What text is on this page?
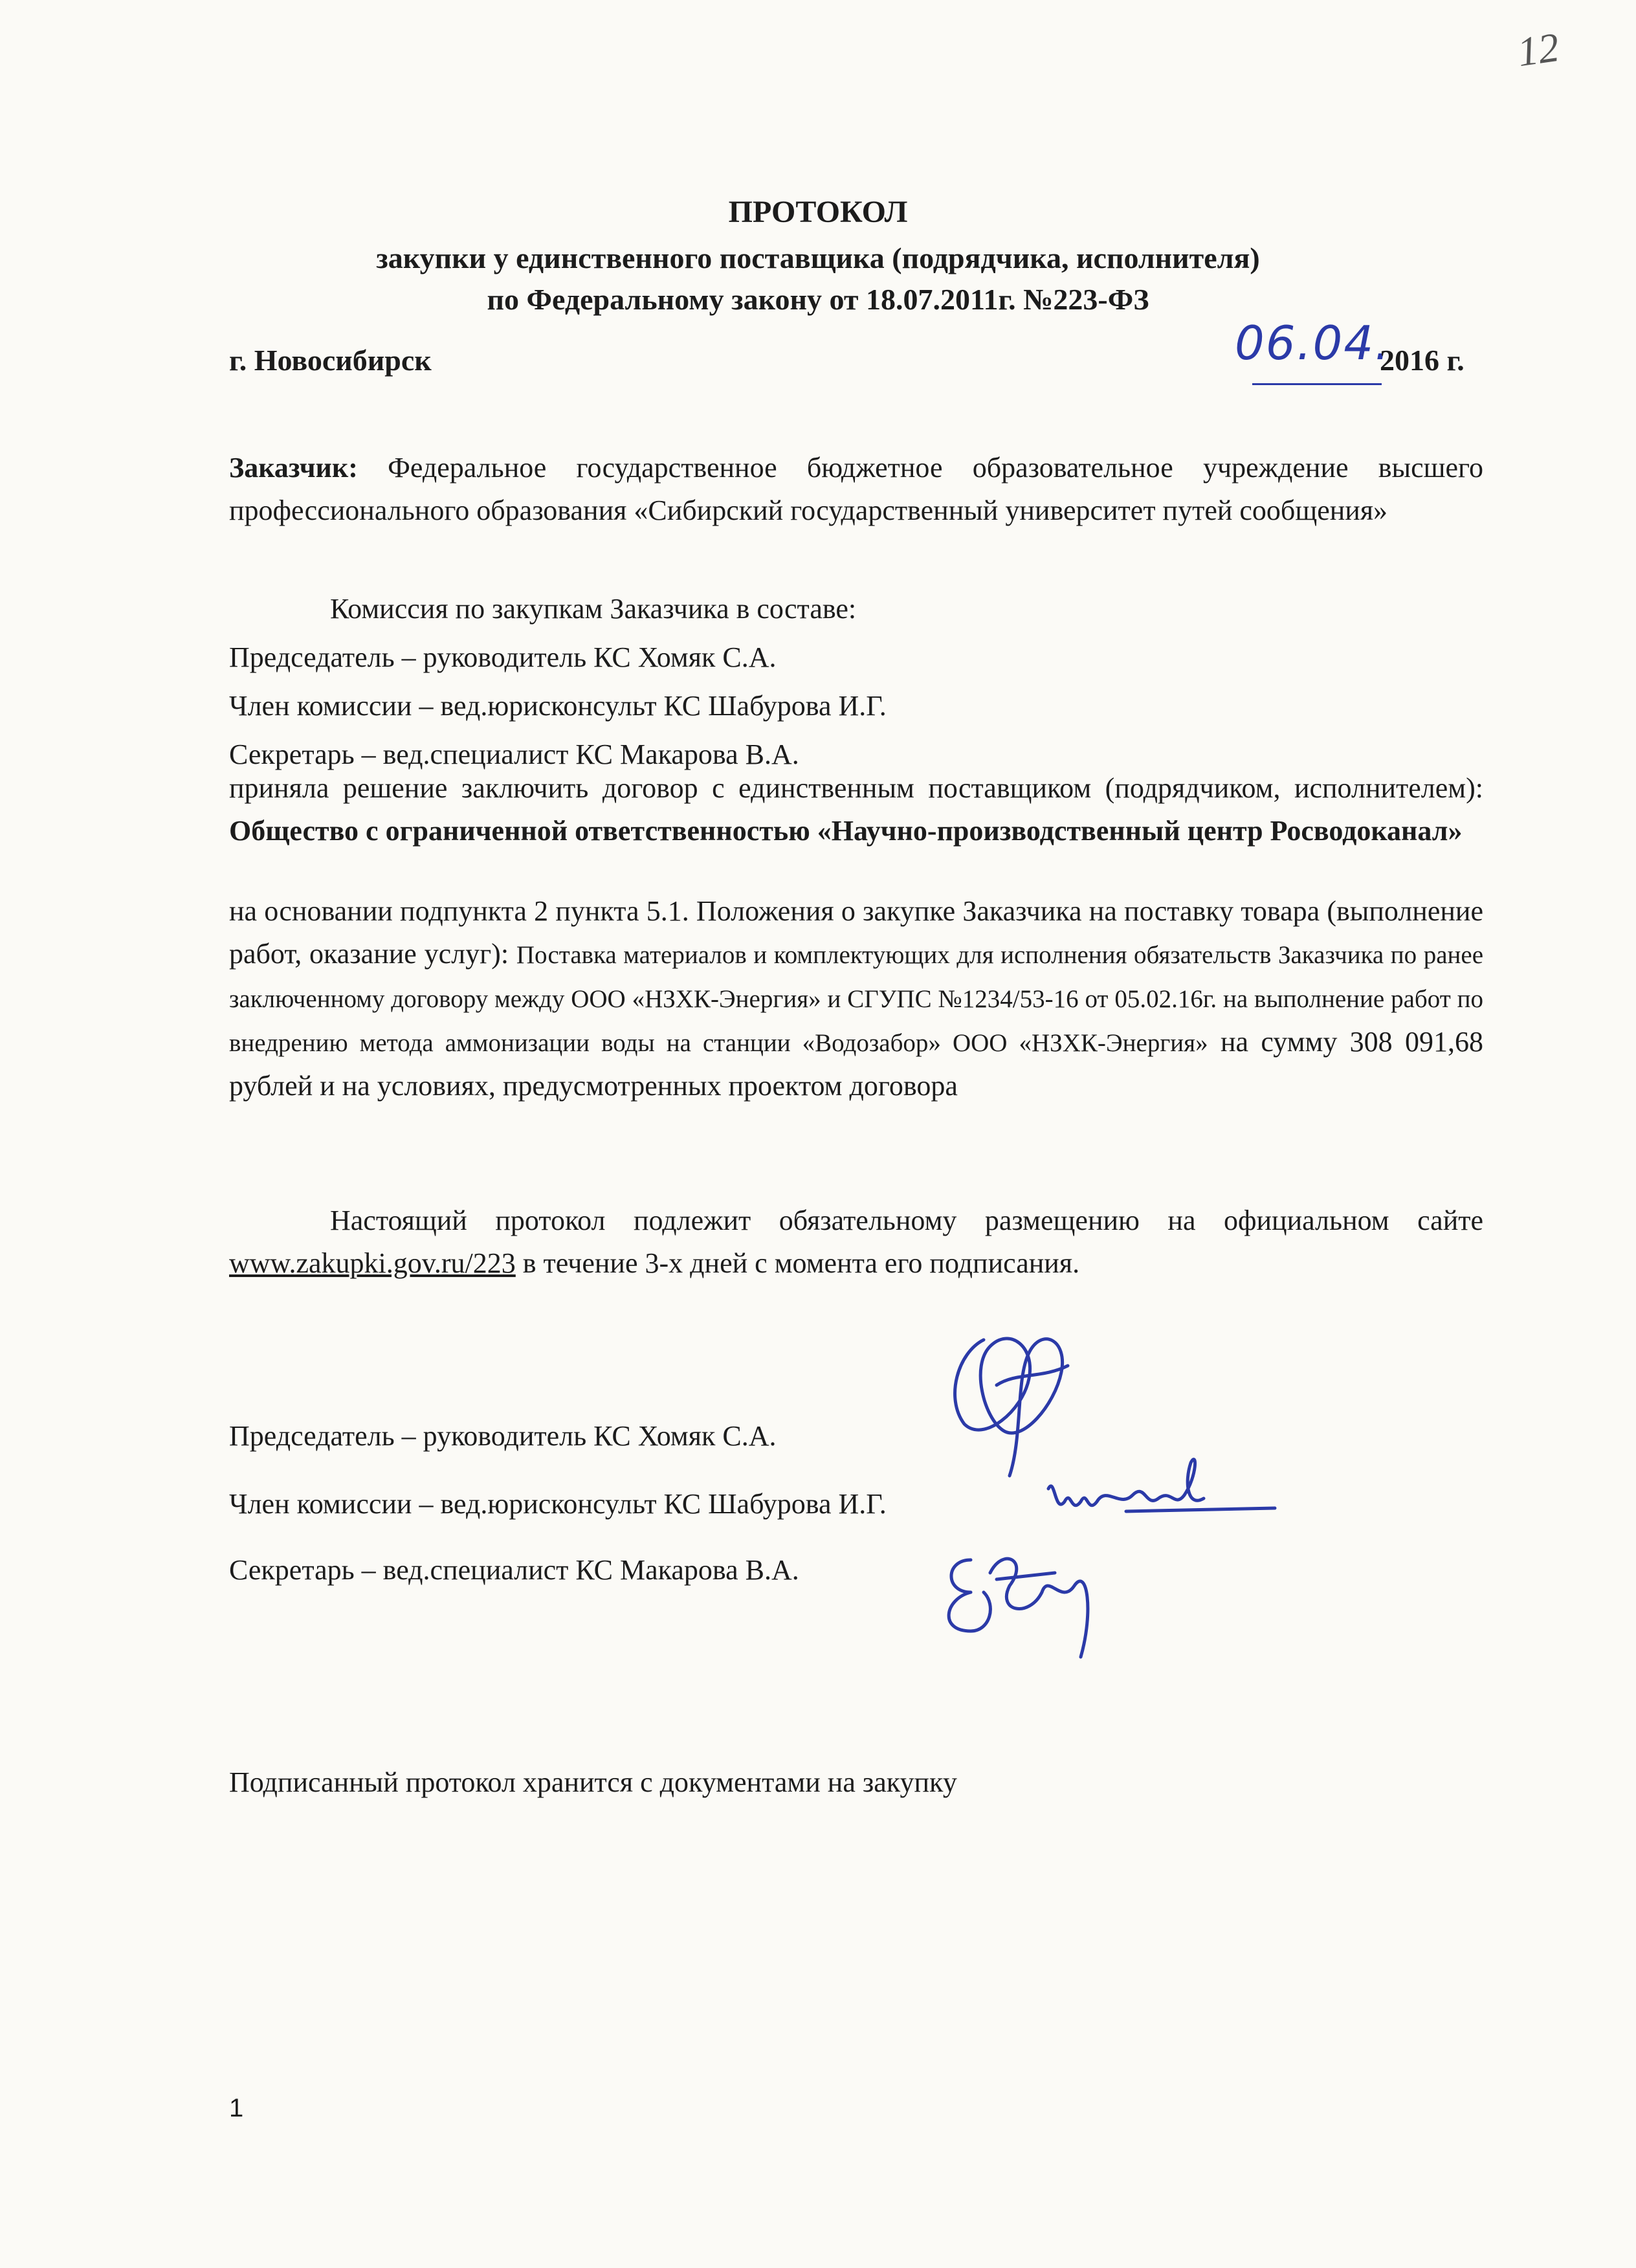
12
ПРОТОКОЛ
закупки у единственного поставщика (подрядчика, исполнителя)
по Федеральному закону от 18.07.2011г. №223-ФЗ
г. Новосибирск	06.04.
2016 г.
Заказчик: Федеральное государственное бюджетное образовательное учреждение высшего профессионального образования «Сибирский государственный университет путей сообщения»
Комиссия по закупкам Заказчика в составе:
Председатель – руководитель КС Хомяк С.А.
Член комиссии – вед.юрисконсульт КС Шабурова И.Г.
Секретарь – вед.специалист КС Макарова В.А.
приняла решение заключить договор с единственным поставщиком (подрядчиком, исполнителем): Общество с ограниченной ответственностью «Научно-производственный центр Росводоканал»
на основании подпункта 2 пункта 5.1. Положения о закупке Заказчика на поставку товара (выполнение работ, оказание услуг): Поставка материалов и комплектующих для исполнения обязательств Заказчика по ранее заключенному договору между ООО «НЗХК-Энергия» и СГУПС №1234/53-16 от 05.02.16г. на выполнение работ по внедрению метода аммонизации воды на станции «Водозабор» ООО «НЗХК-Энергия» на сумму 308 091,68 рублей и на условиях, предусмотренных проектом договора
Настоящий протокол подлежит обязательному размещению на официальном сайте www.zakupki.gov.ru/223 в течение 3-х дней с момента его подписания.
Председатель – руководитель КС Хомяк С.А.
Член комиссии – вед.юрисконсульт КС Шабурова И.Г.
Секретарь – вед.специалист КС Макарова В.А.
Подписанный протокол хранится с документами на закупку
1
